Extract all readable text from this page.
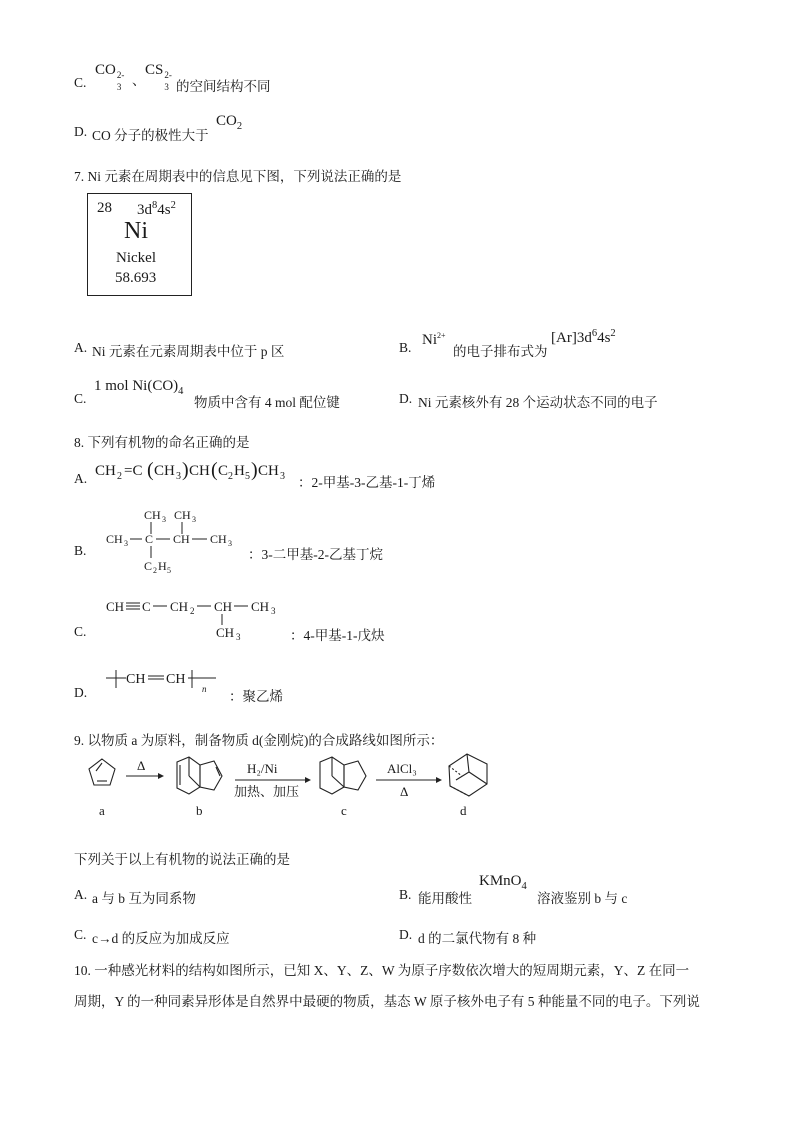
C.
CO 2-
3 、
CS 2-
3 的空间结构不同
D. CO 分子的极性大于
$CO_2$
7. Ni 元素在周期表中的信息见下图，下列说法正确的是
28 $3d^84s^2$
Ni
Nickel
58.693
A. Ni 元素在元素周期表中位于 p 区	B. $Ni^{2+}$
的电子排布式为
$[Ar]3d^64s^2$
C.
1 mol $Ni(CO)_4$
物质中含有 4 mol 配位键	D. Ni 元素核外有 28 个运动状态不同的电子
8. 下列有机物的命名正确的是
A. CH 2 =C ( CH 3 ) CH ( C 2 H 5 ) CH 3 ：2-甲基-3-乙基-1-丁烯
B.
CH 3 CH 3
CH 3 C CH CH 3
C 2 H 5
：3-二甲基-2-乙基丁烷
C.
CH C CH 2 CH CH 3
CH 3	：4-甲基-1-戊炔
D.
CH CH
n ：聚乙烯
9. 以物质 a 为原料，制备物质 d(金刚烷)的合成路线如图所示：
a
Δ
b
H₂/Ni
加热、加压
c
AlCl₃
Δ
d
下列关于以上有机物的说法正确的是
A. a 与 b 互为同系物	B. 能用酸性
KMnO$_4$
溶液鉴别 b 与 c
C. c→d 的反应为加成反应	D. d 的二氯代物有 8 种
10. 一种感光材料的结构如图所示，已知 X、Y、Z、W 为原子序数依次增大的短周期元素，Y、Z 在同一
周期，Y 的一种同素异形体是自然界中最硬的物质，基态 W 原子核外电子有 5 种能量不同的电子。下列说
